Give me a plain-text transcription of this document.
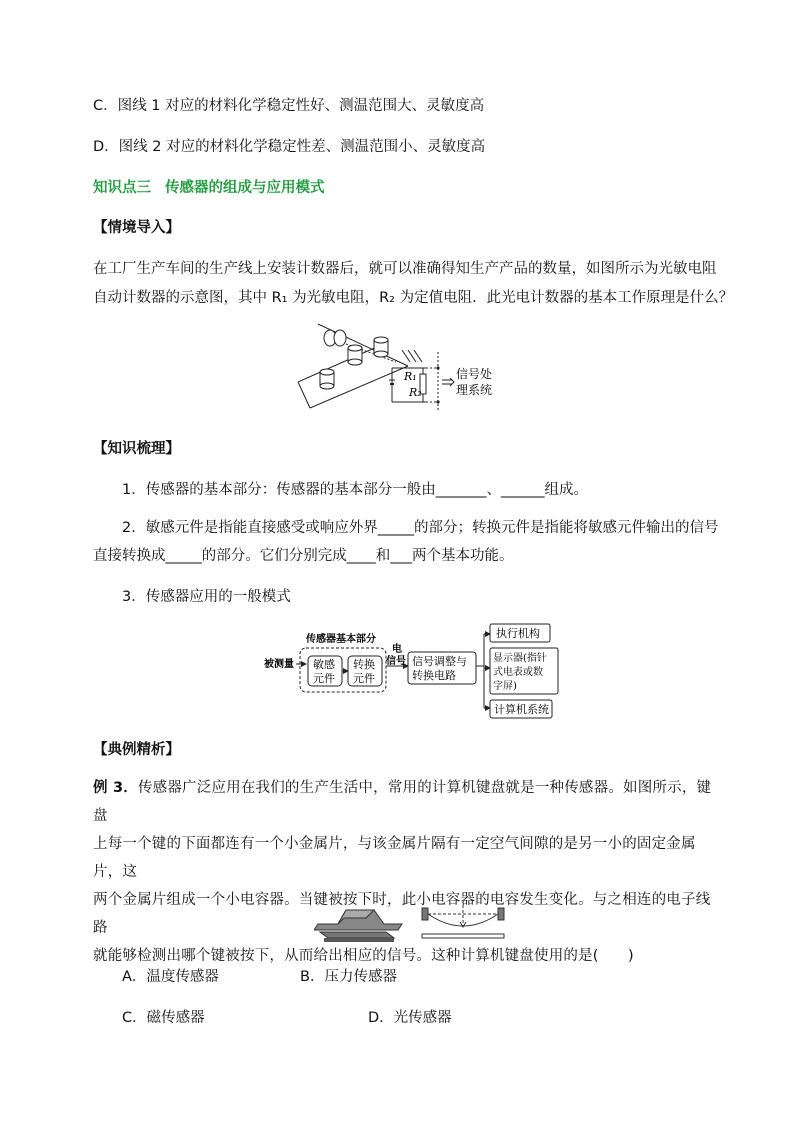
C．图线 1 对应的材料化学稳定性好、测温范围大、灵敏度高
D．图线 2 对应的材料化学稳定性差、测温范围小、灵敏度高
知识点三 传感器的组成与应用模式
【情境导入】
在工厂生产车间的生产线上安装计数器后，就可以准确得知生产产品的数量，如图所示为光敏电阻
自动计数器的示意图，其中 R₁ 为光敏电阻，R₂ 为定值电阻．此光电计数器的基本工作原理是什么？
R₁
R₂
信号处
理系统
【知识梳理】
1．传感器的基本部分：传感器的基本部分一般由_______、______组成。
2．敏感元件是指能直接感受或响应外界_____的部分；转换元件是指能将敏感元件输出的信号
直接转换成_____的部分。它们分别完成____和___两个基本功能。
3．传感器应用的一般模式
被测量
传感器基本部分
敏感
元件
转换
元件
电
信号 信号调整与
转换电路
执行机构
显示器(指针
式电表或数
字屏)
计算机系统
【典例精析】
例 3．传感器广泛应用在我们的生产生活中，常用的计算机键盘就是一种传感器。如图所示，键盘
上每一个键的下面都连有一个小金属片，与该金属片隔有一定空气间隙的是另一小的固定金属片，这
两个金属片组成一个小电容器。当键被按下时，此小电容器的电容发生变化。与之相连的电子线路
就能够检测出哪个键被按下，从而给出相应的信号。这种计算机键盘使用的是(　　)
A．温度传感器	B．压力传感器
C．磁传感器	D．光传感器
